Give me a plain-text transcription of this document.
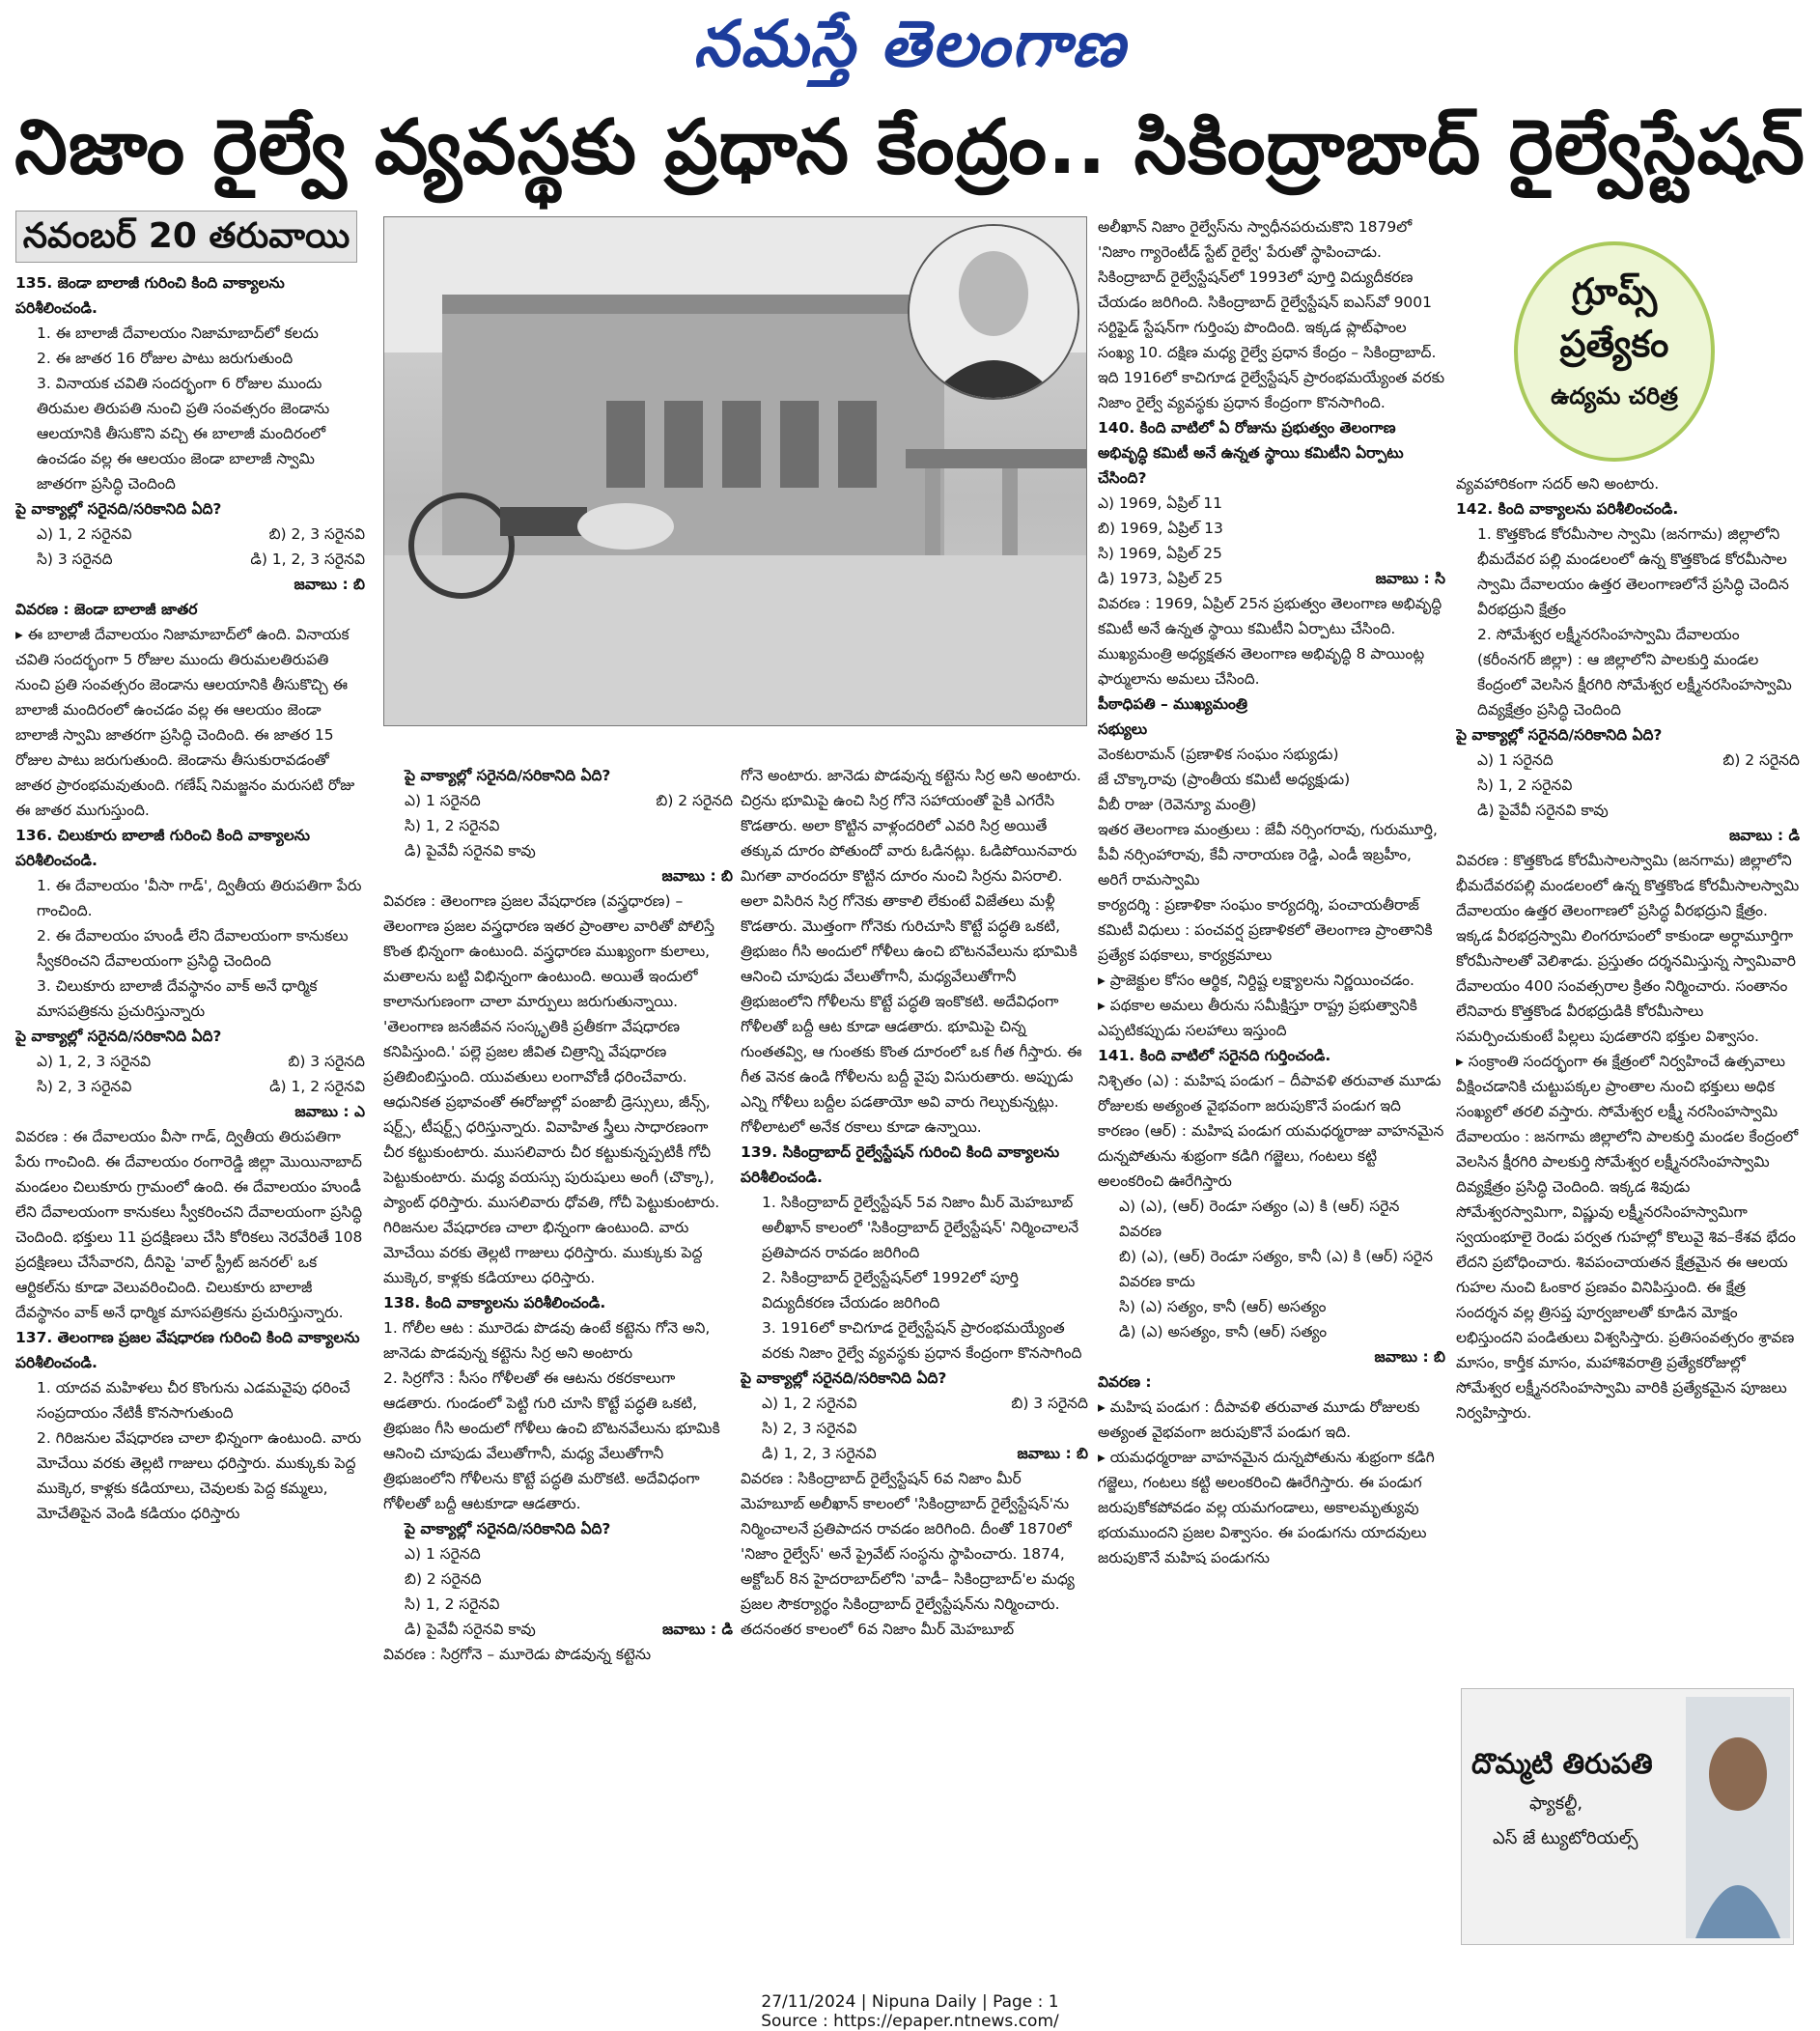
నమస్తే తెలంగాణ
నిజాం రైల్వే వ్యవస్థకు ప్రధాన కేంద్రం.. సికింద్రాబాద్ రైల్వేస్టేషన్
నవంబర్ 20 తరువాయి

135. జెండా బాలాజీ గురించి కింది వాక్యాలను పరిశీలించండి.

1. ఈ బాలాజీ దేవాలయం నిజామాబాద్‌లో కలదు

2. ఈ జాతర 16 రోజుల పాటు జరుగుతుంది

3. వినాయక చవితి సందర్భంగా 6 రోజుల ముందు తిరుమల తిరుపతి నుంచి ప్రతి సంవత్సరం జెండాను ఆలయానికి తీసుకొని వచ్చి ఈ బాలాజీ మందిరంలో ఉంచడం వల్ల ఈ ఆలయం జెండా బాలాజీ స్వామి జాతరగా ప్రసిద్ధి చెందింది

పై వాక్యాల్లో సరైనది/సరికానిది ఏది?

ఎ) 1, 2 సరైనవి	బి) 2, 3 సరైనవి
సి) 3 సరైనది	డి) 1, 2, 3 సరైనవి

జవాబు : బి

వివరణ : జెండా బాలాజీ జాతర

▸ ఈ బాలాజీ దేవాలయం నిజామాబాద్‌లో ఉంది. వినాయక చవితి సందర్భంగా 5 రోజుల ముందు తిరుమలతిరుపతి నుంచి ప్రతి సంవత్సరం జెండాను ఆలయానికి తీసుకొచ్చి ఈ బాలాజీ మందిరంలో ఉంచడం వల్ల ఈ ఆలయం జెండా బాలాజీ స్వామి జాతరగా ప్రసిద్ధి చెందింది. ఈ జాతర 15 రోజుల పాటు జరుగుతుంది. జెండాను తీసుకురావడంతో జాతర ప్రారంభమవుతుంది. గణేష్ నిమజ్జనం మరుసటి రోజు ఈ జాతర ముగుస్తుంది.

136. చిలుకూరు బాలాజీ గురించి కింది వాక్యాలను పరిశీలించండి.

1. ఈ దేవాలయం 'వీసా గాడ్', ద్వితీయ తిరుపతిగా పేరు గాంచింది.

2. ఈ దేవాలయం హుండీ లేని దేవాలయంగా కానుకలు స్వీకరించని దేవాలయంగా ప్రసిద్ధి చెందింది

3. చిలుకూరు బాలాజీ దేవస్థానం వాక్ అనే ధార్మిక మాసపత్రికను ప్రచురిస్తున్నారు

పై వాక్యాల్లో సరైనది/సరికానిది ఏది?

ఎ) 1, 2, 3 సరైనవి	బి) 3 సరైనది
సి) 2, 3 సరైనవి	డి) 1, 2 సరైనవి

జవాబు : ఎ

వివరణ : ఈ దేవాలయం వీసా గాడ్, ద్వితీయ తిరుపతిగా పేరు గాంచింది. ఈ దేవాలయం రంగారెడ్డి జిల్లా మొయినాబాద్ మండలం చిలుకూరు గ్రామంలో ఉంది. ఈ దేవాలయం హుండీ లేని దేవాలయంగా కానుకలు స్వీకరించని దేవాలయంగా ప్రసిద్ధి చెందింది. భక్తులు 11 ప్రదక్షిణలు చేసి కోరికలు నెరవేరితే 108 ప్రదక్షిణలు చేసేవారని, దీనిపై 'వాల్ స్ట్రీట్ జనరల్' ఒక ఆర్టికల్‌ను కూడా వెలువరించింది. చిలుకూరు బాలాజీ దేవస్థానం వాక్ అనే ధార్మిక మాసపత్రికను ప్రచురిస్తున్నారు.

137. తెలంగాణ ప్రజల వేషధారణ గురించి కింది వాక్యాలను పరిశీలించండి.

1. యాదవ మహిళలు చీర కొంగును ఎడమవైపు ధరించే సంప్రదాయం నేటికీ కొనసాగుతుంది

2. గిరిజనుల వేషధారణ చాలా భిన్నంగా ఉంటుంది. వారు మోచేయి వరకు తెల్లటి గాజులు ధరిస్తారు. ముక్కుకు పెద్ద ముక్కెర, కాళ్లకు కడియాలు, చెవులకు పెద్ద కమ్మలు, మోచేతిపైన వెండి కడియం ధరిస్తారు

పై వాక్యాల్లో సరైనది/సరికానిది ఏది?

ఎ) 1 సరైనది	బి) 2 సరైనది

సి) 1, 2 సరైనవి

డి) పైవేవీ సరైనవి కావు

జవాబు : బి

వివరణ : తెలంగాణ ప్రజల వేషధారణ (వస్త్రధారణ) – తెలంగాణ ప్రజల వస్త్రధారణ ఇతర ప్రాంతాల వారితో పోలిస్తే కొంత భిన్నంగా ఉంటుంది. వస్త్రధారణ ముఖ్యంగా కులాలు, మతాలను బట్టి విభిన్నంగా ఉంటుంది. అయితే ఇందులో కాలానుగుణంగా చాలా మార్పులు జరుగుతున్నాయి. 'తెలంగాణ జనజీవన సంస్కృతికి ప్రతీకగా వేషధారణ కనిపిస్తుంది.' పల్లె ప్రజల జీవిత చిత్రాన్ని వేషధారణ ప్రతిబింబిస్తుంది. యువతులు లంగావోణీ ధరించేవారు. ఆధునికత ప్రభావంతో ఈరోజుల్లో పంజాబీ డ్రెస్సులు, జీన్స్, షర్ట్స్, టీషర్ట్స్ ధరిస్తున్నారు. వివాహిత స్త్రీలు సాధారణంగా చీర కట్టుకుంటారు. ముసలివారు చీర కట్టుకున్నప్పటికీ గోచీ పెట్టుకుంటారు. మధ్య వయస్సు పురుషులు అంగీ (చొక్కా), ప్యాంట్ ధరిస్తారు. ముసలివారు ధోవతి, గోచీ పెట్టుకుంటారు. గిరిజనుల వేషధారణ చాలా భిన్నంగా ఉంటుంది. వారు మోచేయి వరకు తెల్లటి గాజులు ధరిస్తారు. ముక్కుకు పెద్ద ముక్కెర, కాళ్లకు కడియాలు ధరిస్తారు.

138. కింది వాక్యాలను పరిశీలించండి.

1. గోలీల ఆట : మూరెడు పొడవు ఉంటే కట్టెను గోనె అని, జానెడు పొడవున్న కట్టెను సిర్ర అని అంటారు

2. సిర్రగోనె : సీసం గోళీలతో ఈ ఆటను రకరకాలుగా ఆడతారు. గుండంలో పెట్టి గురి చూసి కొట్టే పద్ధతి ఒకటి, త్రిభుజం గీసి అందులో గోళీలు ఉంచి బొటనవేలును భూమికి ఆనించి చూపుడు వేలుతోగానీ, మధ్య వేలుతోగానీ త్రిభుజంలోని గోళీలను కొట్టే పద్ధతి మరొకటి. అదేవిధంగా గోళీలతో బద్దీ ఆటకూడా ఆడతారు.

పై వాక్యాల్లో సరైనది/సరికానిది ఏది?

ఎ) 1 సరైనది

బి) 2 సరైనది

సి) 1, 2 సరైనవి

డి) పైవేవీ సరైనవి కావు	జవాబు : డి

వివరణ : సిర్రగోనె – మూరెడు పొడవున్న కట్టెను

గోనె అంటారు. జానెడు పొడవున్న కట్టెను సిర్ర అని అంటారు. చిర్రను భూమిపై ఉంచి సిర్ర గోనె సహాయంతో పైకి ఎగరేసి కొడతారు. అలా కొట్టిన వాళ్లందరిలో ఎవరి సిర్ర అయితే తక్కువ దూరం పోతుందో వారు ఓడినట్లు. ఓడిపోయినవారు మిగతా వారందరూ కొట్టిన దూరం నుంచి సిర్రను విసరాలి. అలా విసిరిన సిర్ర గోనెకు తాకాలి లేకుంటే విజేతలు మళ్లీ కొడతారు. మొత్తంగా గోనెకు గురిచూసి కొట్టే పద్ధతి ఒకటి, త్రిభుజం గీసి అందులో గోళీలు ఉంచి బొటనవేలును భూమికి ఆనించి చూపుడు వేలుతోగానీ, మధ్యవేలుతోగానీ త్రిభుజంలోని గోళీలను కొట్టే పద్ధతి ఇంకొకటి. అదేవిధంగా గోళీలతో బద్దీ ఆట కూడా ఆడతారు. భూమిపై చిన్న గుంతతవ్వి, ఆ గుంతకు కొంత దూరంలో ఒక గీత గీస్తారు. ఈ గీత వెనక ఉండి గోళీలను బద్దీ వైపు విసురుతారు. అప్పుడు ఎన్ని గోళీలు బద్దీల పడతాయో అవి వారు గెల్చుకున్నట్లు. గోళీలాటలో అనేక రకాలు కూడా ఉన్నాయి.

139. సికింద్రాబాద్ రైల్వేస్టేషన్ గురించి కింది వాక్యాలను పరిశీలించండి.

1. సికింద్రాబాద్ రైల్వేస్టేషన్ 5వ నిజాం మీర్ మెహబూబ్ అలీఖాన్ కాలంలో 'సికింద్రాబాద్ రైల్వేస్టేషన్' నిర్మించాలనే ప్రతిపాదన రావడం జరిగింది

2. సికింద్రాబాద్ రైల్వేస్టేషన్‌లో 1992లో పూర్తి విద్యుదీకరణ చేయడం జరిగింది

3. 1916లో కాచిగూడ రైల్వేస్టేషన్ ప్రారంభమయ్యేంత వరకు నిజాం రైల్వే వ్యవస్థకు ప్రధాన కేంద్రంగా కొనసాగింది

పై వాక్యాల్లో సరైనది/సరికానిది ఏది?

ఎ) 1, 2 సరైనవి	బి) 3 సరైనది

సి) 2, 3 సరైనవి

డి) 1, 2, 3 సరైనవి	జవాబు : బి

వివరణ : సికింద్రాబాద్ రైల్వేస్టేషన్ 6వ నిజాం మీర్ మెహబూబ్ అలీఖాన్ కాలంలో 'సికింద్రాబాద్ రైల్వేస్టేషన్'ను నిర్మించాలనే ప్రతిపాదన రావడం జరిగింది. దీంతో 1870లో 'నిజాం రైల్వేస్' అనే ప్రైవేట్ సంస్థను స్థాపించారు. 1874, అక్టోబర్ 8న హైదరాబాద్‌లోని 'వాడీ– సికింద్రాబాద్'ల మధ్య ప్రజల సౌకర్యార్థం సికింద్రాబాద్ రైల్వేస్టేషన్‌ను నిర్మించారు. తదనంతర కాలంలో 6వ నిజాం మీర్ మెహబూబ్

అలీఖాన్ నిజాం రైల్వేస్‌ను స్వాధీనపరుచుకొని 1879లో 'నిజాం గ్యారెంటీడ్ స్టేట్ రైల్వే' పేరుతో స్థాపించాడు. సికింద్రాబాద్ రైల్వేస్టేషన్‌లో 1993లో పూర్తి విద్యుదీకరణ చేయడం జరిగింది. సికింద్రాబాద్ రైల్వేస్టేషన్ ఐఎస్‌వో 9001 సర్టిఫైడ్ స్టేషన్‌గా గుర్తింపు పొందింది. ఇక్కడ ప్లాట్‌ఫాంల సంఖ్య 10. దక్షిణ మధ్య రైల్వే ప్రధాన కేంద్రం – సికింద్రాబాద్. ఇది 1916లో కాచిగూడ రైల్వేస్టేషన్ ప్రారంభమయ్యేంత వరకు నిజాం రైల్వే వ్యవస్థకు ప్రధాన కేంద్రంగా కొనసాగింది.

140. కింది వాటిలో ఏ రోజును ప్రభుత్వం తెలంగాణ అభివృద్ధి కమిటీ అనే ఉన్నత స్థాయి కమిటీని ఏర్పాటు చేసింది?

ఎ) 1969, ఏప్రిల్ 11

బి) 1969, ఏప్రిల్ 13

సి) 1969, ఏప్రిల్ 25

డి) 1973, ఏప్రిల్ 25	జవాబు : సి

వివరణ : 1969, ఏప్రిల్ 25న ప్రభుత్వం తెలంగాణ అభివృద్ధి కమిటీ అనే ఉన్నత స్థాయి కమిటీని ఏర్పాటు చేసింది. ముఖ్యమంత్రి అధ్యక్షతన తెలంగాణ అభివృద్ధి 8 పాయింట్ల ఫార్ములాను అమలు చేసింది.

పీఠాధిపతి – ముఖ్యమంత్రి

సభ్యులు

వెంకటరామన్ (ప్రణాళిక సంఘం సభ్యుడు)

జే చొక్కారావు (ప్రాంతీయ కమిటీ అధ్యక్షుడు)

వీబీ రాజు (రెవెన్యూ మంత్రి)

ఇతర తెలంగాణ మంత్రులు : జేవీ నర్సింగరావు, గురుమూర్తి, పీవీ నర్సింహారావు, కేవీ నారాయణ రెడ్డి, ఎండీ ఇబ్రహీం, అరిగే రామస్వామి

కార్యదర్శి : ప్రణాళికా సంఘం కార్యదర్శి, పంచాయతీరాజ్

కమిటీ విధులు : పంచవర్ష ప్రణాళికలో తెలంగాణ ప్రాంతానికి ప్రత్యేక పథకాలు, కార్యక్రమాలు

▸ ప్రాజెక్టుల కోసం ఆర్థిక, నిర్దిష్ట లక్ష్యాలను నిర్ణయించడం.

▸ పథకాల అమలు తీరును సమీక్షిస్తూ రాష్ట్ర ప్రభుత్వానికి ఎప్పటికప్పుడు సలహాలు ఇస్తుంది

141. కింది వాటిలో సరైనది గుర్తించండి.

నిశ్చితం (ఎ) : మహిష పండుగ – దీపావళి తరువాత మూడు రోజులకు అత్యంత వైభవంగా జరుపుకొనే పండుగ ఇది

కారణం (ఆర్) : మహిష పండుగ యమధర్మరాజు వాహనమైన దున్నపోతును శుభ్రంగా కడిగి గజ్జెలు, గంటలు కట్టి అలంకరించి ఊరేగిస్తారు

ఎ) (ఎ), (ఆర్) రెండూ సత్యం (ఎ) కి (ఆర్) సరైన వివరణ

బి) (ఎ), (ఆర్) రెండూ సత్యం, కానీ (ఎ) కి (ఆర్) సరైన వివరణ కాదు

సి) (ఎ) సత్యం, కానీ (ఆర్) అసత్యం

డి) (ఎ) అసత్యం, కానీ (ఆర్) సత్యం

జవాబు : బి

వివరణ :

▸ మహిష పండుగ : దీపావళి తరువాత మూడు రోజులకు అత్యంత వైభవంగా జరుపుకొనే పండుగ ఇది.

▸ యమధర్మరాజు వాహనమైన దున్నపోతును శుభ్రంగా కడిగి గజ్జెలు, గంటలు కట్టి అలంకరించి ఊరేగిస్తారు. ఈ పండుగ జరుపుకోకపోవడం వల్ల యమగండాలు, అకాలమృత్యువు భయముందని ప్రజల విశ్వాసం. ఈ పండుగను యాదవులు జరుపుకొనే మహిష పండుగను

గ్రూప్స్
ప్రత్యేకం
ఉద్యమ చరిత్ర

వ్యవహారికంగా సదర్ అని అంటారు.

142. కింది వాక్యాలను పరిశీలించండి.

1. కొత్తకొండ కోరమీసాల స్వామి (జనగామ) జిల్లాలోని భీమదేవర పల్లి మండలంలో ఉన్న కొత్తకొండ కోరమీసాల స్వామి దేవాలయం ఉత్తర తెలంగాణలోనే ప్రసిద్ధి చెందిన వీరభద్రుని క్షేత్రం

2. సోమేశ్వర లక్ష్మీనరసింహస్వామి దేవాలయం (కరీంనగర్ జిల్లా) : ఆ జిల్లాలోని పాలకుర్తి మండల కేంద్రంలో వెలసిన క్షీరగిరి సోమేశ్వర లక్ష్మీనరసింహస్వామి దివ్యక్షేత్రం ప్రసిద్ధి చెందింది

పై వాక్యాల్లో సరైనది/సరికానిది ఏది?

ఎ) 1 సరైనది	బి) 2 సరైనది

సి) 1, 2 సరైనవి

డి) పైవేవీ సరైనవి కావు

జవాబు : డి

వివరణ : కొత్తకొండ కోరమీసాలస్వామి (జనగామ) జిల్లాలోని భీమదేవరపల్లి మండలంలో ఉన్న కొత్తకొండ కోరమీసాలస్వామి దేవాలయం ఉత్తర తెలంగాణలో ప్రసిద్ధ వీరభద్రుని క్షేత్రం. ఇక్కడ వీరభద్రస్వామి లింగరూపంలో కాకుండా అర్ధామూర్తిగా కోరమీసాలతో వెలిశాడు. ప్రస్తుతం దర్శనమిస్తున్న స్వామివారి దేవాలయం 400 సంవత్సరాల క్రితం నిర్మించారు. సంతానం లేనివారు కొత్తకొండ వీరభద్రుడికి కోరమీసాలు సమర్పించుకుంటే పిల్లలు పుడతారని భక్తుల విశ్వాసం.

▸ సంక్రాంతి సందర్భంగా ఈ క్షేత్రంలో నిర్వహించే ఉత్సవాలు వీక్షించడానికి చుట్టుపక్కల ప్రాంతాల నుంచి భక్తులు అధిక సంఖ్యలో తరలి వస్తారు. సోమేశ్వర లక్ష్మీ నరసింహస్వామి దేవాలయం : జనగామ జిల్లాలోని పాలకుర్తి మండల కేంద్రంలో వెలసిన క్షీరగిరి పాలకుర్తి సోమేశ్వర లక్ష్మీనరసింహస్వామి దివ్యక్షేత్రం ప్రసిద్ధి చెందింది. ఇక్కడ శివుడు సోమేశ్వరస్వామిగా, విష్ణువు లక్ష్మీనరసింహస్వామిగా స్వయంభూలై రెండు పర్వత గుహల్లో కొలువై శివ–కేశవ భేదం లేదని ప్రబోధించారు. శివపంచాయతన క్షేత్రమైన ఈ ఆలయ గుహల నుంచి ఓంకార ప్రణవం వినిపిస్తుంది. ఈ క్షేత్ర సందర్శన వల్ల త్రిసప్త పూర్వజాలతో కూడిన మోక్షం లభిస్తుందని పండితులు విశ్వసిస్తారు. ప్రతిసంవత్సరం శ్రావణ మాసం, కార్తీక మాసం, మహాశివరాత్రి ప్రత్యేకరోజుల్లో సోమేశ్వర లక్ష్మీనరసింహస్వామి వారికి ప్రత్యేకమైన పూజలు నిర్వహిస్తారు.

దొమ్మటి తిరుపతి
ఫ్యాకల్టీ,
ఎస్ జే ట్యుటోరియల్స్
27/11/2024 | Nipuna Daily | Page : 1
Source : https://epaper.ntnews.com/
